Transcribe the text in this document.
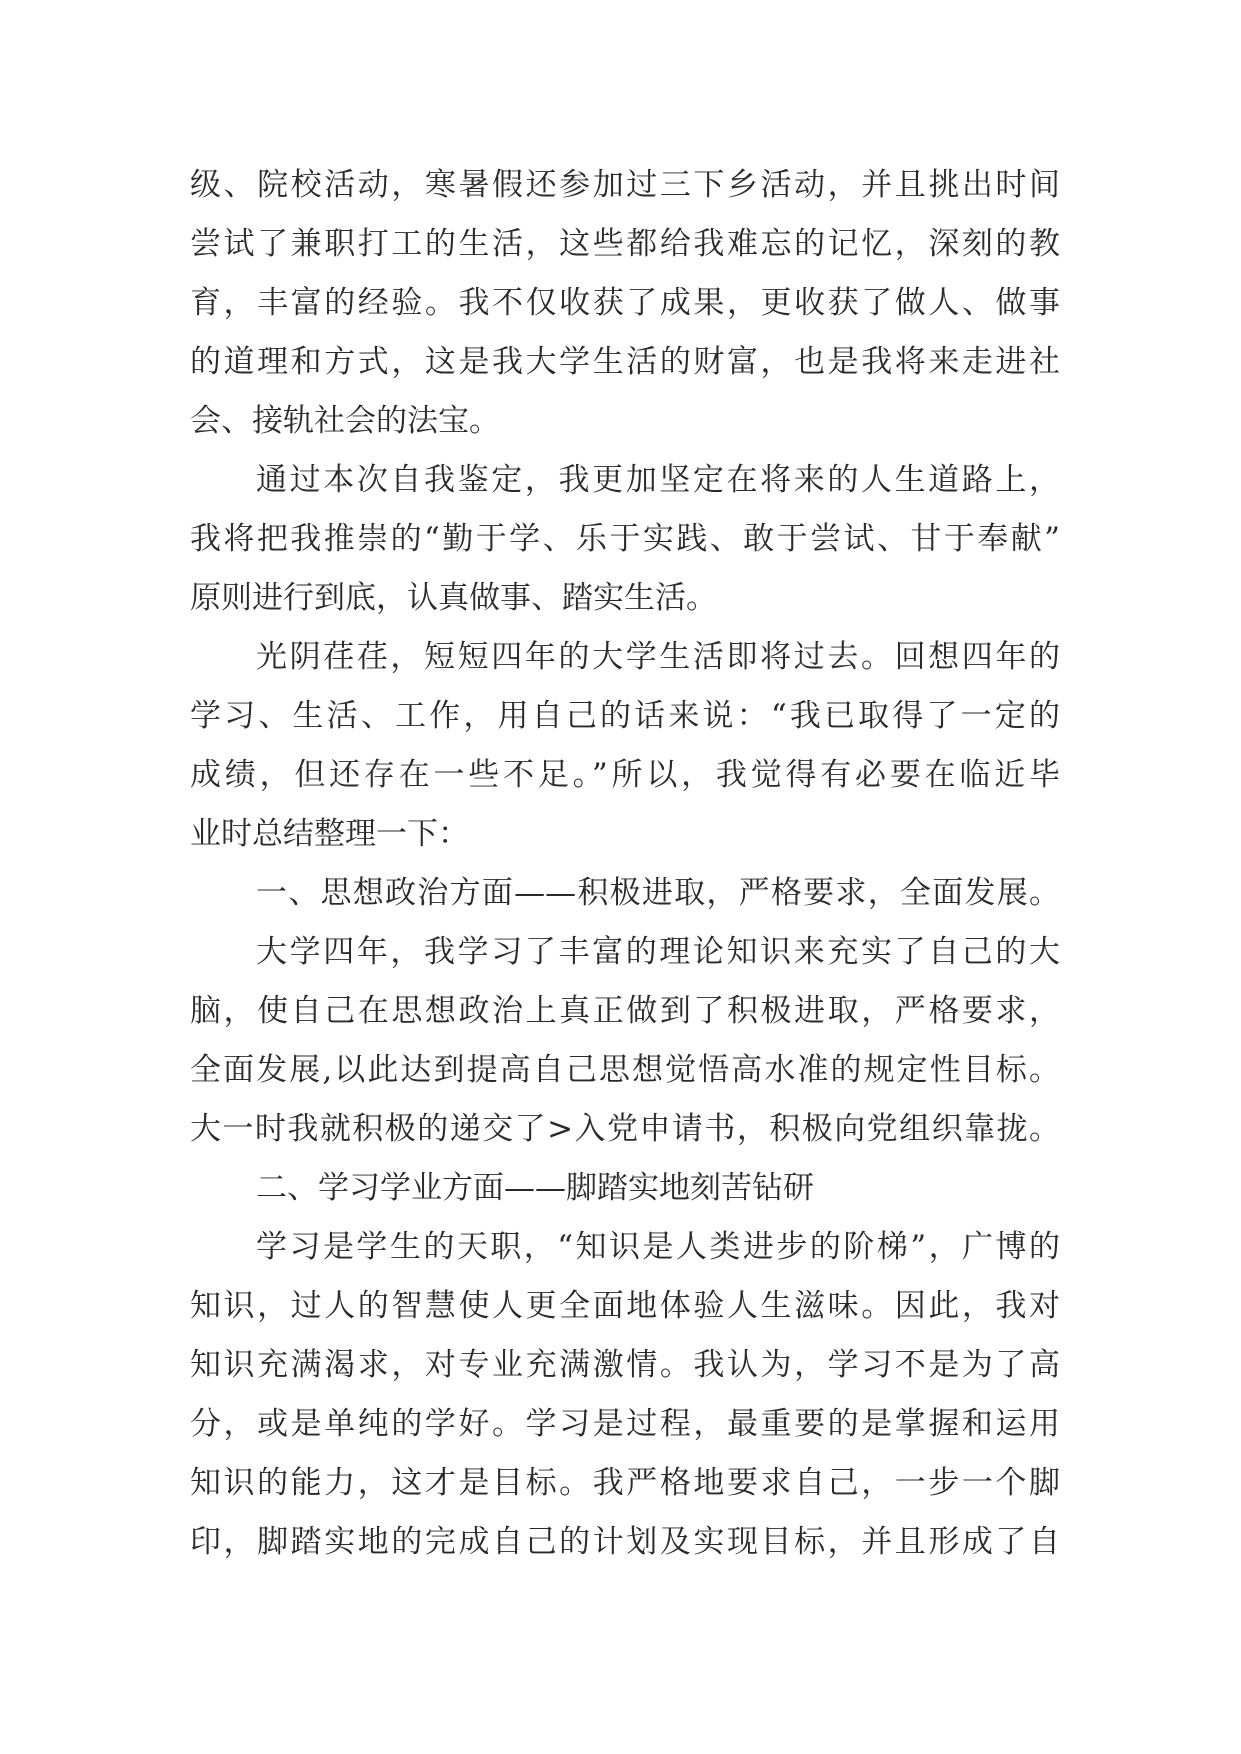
级、院校活动，寒暑假还参加过三下乡活动，并且挑出时间
尝试了兼职打工的生活，这些都给我难忘的记忆，深刻的教
育，丰富的经验。我不仅收获了成果，更收获了做人、做事
的道理和方式，这是我大学生活的财富，也是我将来走进社
会、接轨社会的法宝。
通过本次自我鉴定，我更加坚定在将来的人生道路上，
我将把我推崇的“勤于学、乐于实践、敢于尝试、甘于奉献”
原则进行到底，认真做事、踏实生活。
光阴荏荏，短短四年的大学生活即将过去。回想四年的
学习、生活、工作，用自己的话来说：“我已取得了一定的
成绩，但还存在一些不足。”所以，我觉得有必要在临近毕
业时总结整理一下：
一、思想政治方面——积极进取，严格要求，全面发展。
大学四年，我学习了丰富的理论知识来充实了自己的大
脑，使自己在思想政治上真正做到了积极进取，严格要求，
全面发展,以此达到提高自己思想觉悟高水准的规定性目标。
大一时我就积极的递交了>入党申请书，积极向党组织靠拢。
二、学习学业方面——脚踏实地刻苦钻研
学习是学生的天职，“知识是人类进步的阶梯”，广博的
知识，过人的智慧使人更全面地体验人生滋味。因此，我对
知识充满渴求，对专业充满激情。我认为，学习不是为了高
分，或是单纯的学好。学习是过程，最重要的是掌握和运用
知识的能力，这才是目标。我严格地要求自己，一步一个脚
印，脚踏实地的完成自己的计划及实现目标，并且形成了自
